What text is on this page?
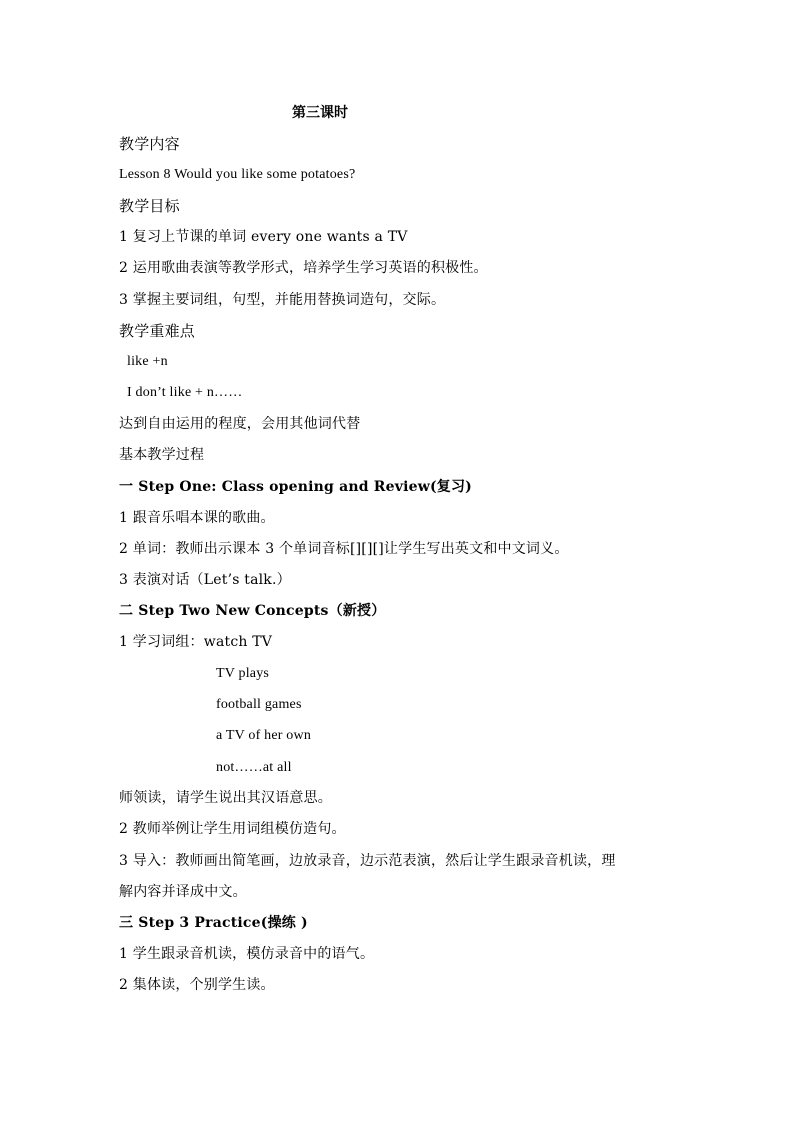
第三课时
教学内容
Lesson 8 Would you like some potatoes?
教学目标
1 复习上节课的单词 every one wants a TV
2 运用歌曲表演等教学形式，培养学生学习英语的积极性。
3 掌握主要词组，句型，并能用替换词造句，交际。
教学重难点
like +n
I don’t like + n……
达到自由运用的程度，会用其他词代替
基本教学过程
一 Step One: Class opening and Review(复习)
1 跟音乐唱本课的歌曲。
2 单词：教师出示课本 3 个单词音标[][][]让学生写出英文和中文词义。
3 表演对话（Let’s talk.）
二 Step Two New Concepts（新授）
1 学习词组：watch TV
TV plays
football games
a TV of her own
not……at all
师领读，请学生说出其汉语意思。
2 教师举例让学生用词组模仿造句。
3 导入：教师画出简笔画，边放录音，边示范表演，然后让学生跟录音机读，理
解内容并译成中文。
三 Step 3 Practice(操练 )
1 学生跟录音机读，模仿录音中的语气。
2 集体读，个别学生读。
